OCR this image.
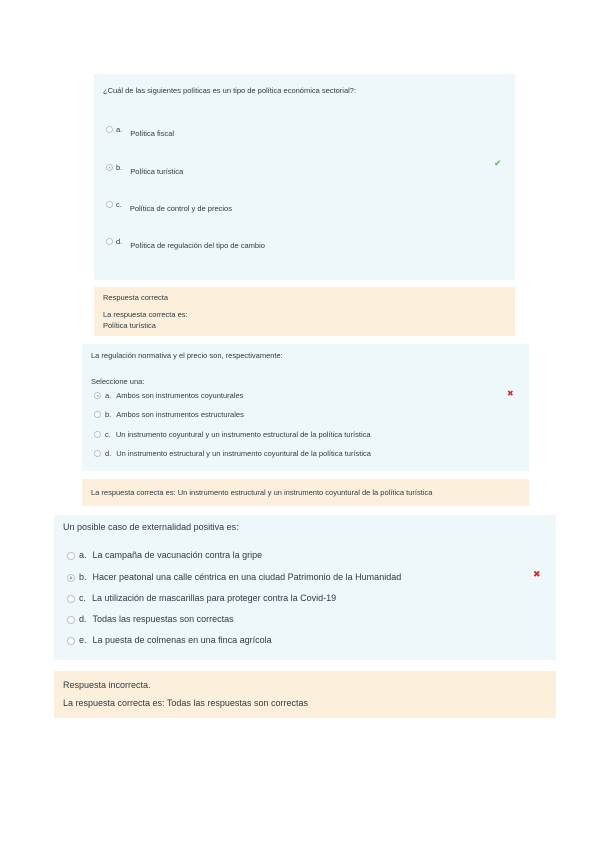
¿Cuál de las siguientes políticas es un tipo de política económica sectorial?:
a. Política fiscal
b. Política turística
c. Política de control y de precios
d. Política de regulación del tipo de cambio
✔
Respuesta correcta
La respuesta correcta es:
Política turística
La regulación normativa y el precio son, respectivamente:
Seleccione una:
a. Ambos son instrumentos coyunturales
b. Ambos son instrumentos estructurales
c. Un instrumento coyuntural y un instrumento estructural de la política turística
d. Un instrumento estructural y un instrumento coyuntural de la política turística
✖
La respuesta correcta es: Un instrumento estructural y un instrumento coyuntural de la política turística
Un posible caso de externalidad positiva es:
a. La campaña de vacunación contra la gripe
b. Hacer peatonal una calle céntrica en una ciudad Patrimonio de la Humanidad
c. La utilización de mascarillas para proteger contra la Covid-19
d. Todas las respuestas son correctas
e. La puesta de colmenas en una finca agrícola
✖
Respuesta incorrecta.
La respuesta correcta es: Todas las respuestas son correctas
